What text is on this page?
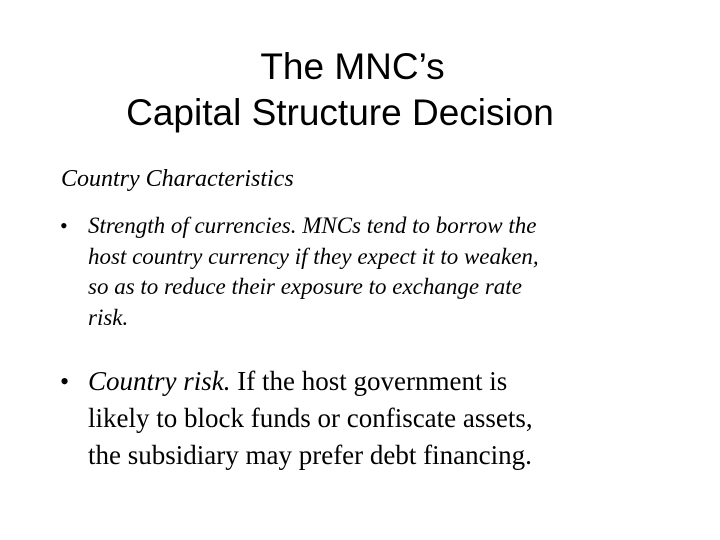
The MNC’s
Capital Structure Decision

Country Characteristics

• Strength of currencies. MNCs tend to borrow the
host country currency if they expect it to weaken,
so as to reduce their exposure to exchange rate
risk.
• Country risk. If the host government is
likely to block funds or confiscate assets,
the subsidiary may prefer debt financing.
